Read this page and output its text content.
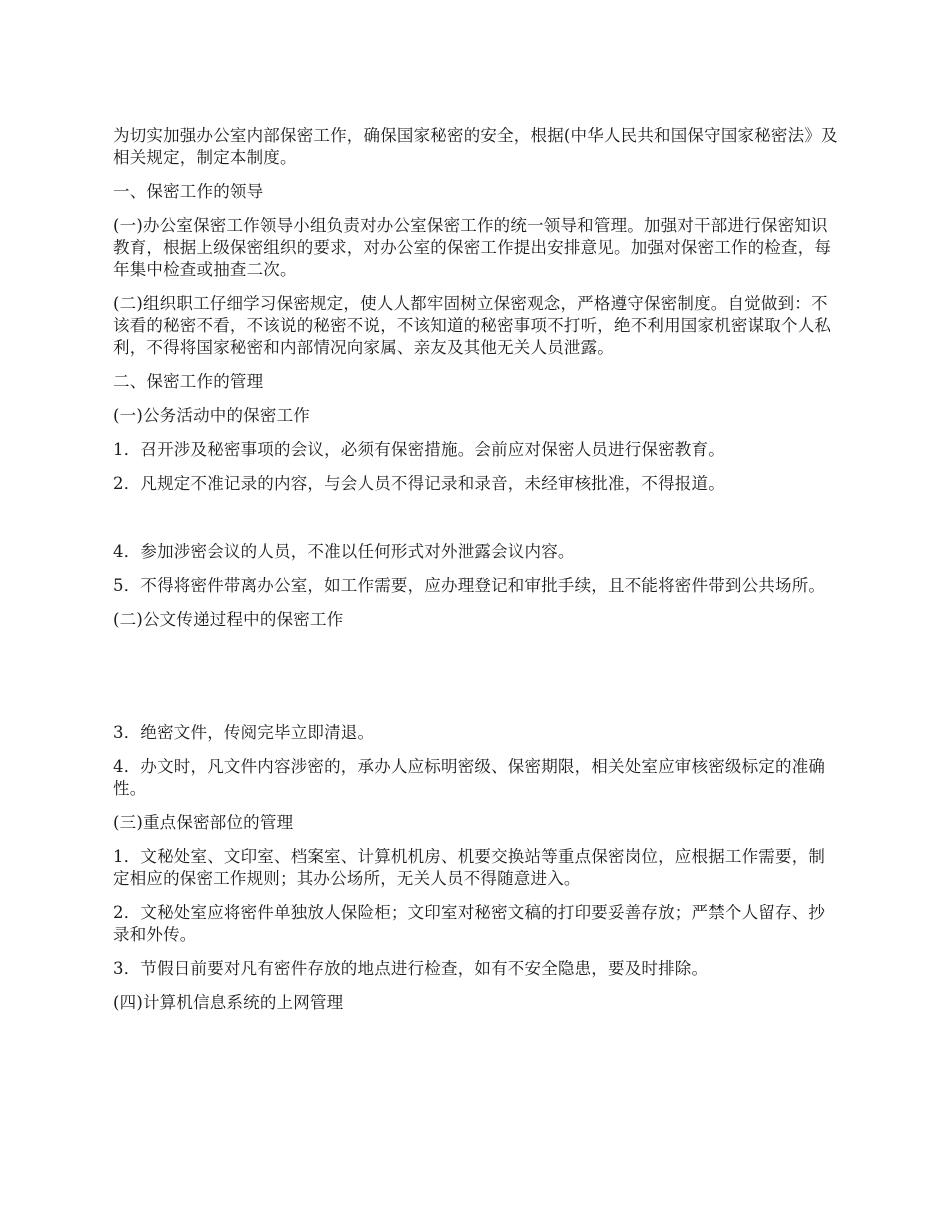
为切实加强办公室内部保密工作，确保国家秘密的安全，根据(中华人民共和国保守国家秘密法》及相关规定，制定本制度。

一、保密工作的领导

(一)办公室保密工作领导小组负责对办公室保密工作的统一领导和管理。加强对干部进行保密知识教育，根据上级保密组织的要求，对办公室的保密工作提出安排意见。加强对保密工作的检查，每年集中检查或抽查二次。

(二)组织职工仔细学习保密规定，使人人都牢固树立保密观念，严格遵守保密制度。自觉做到：不该看的秘密不看，不该说的秘密不说，不该知道的秘密事项不打听，绝不利用国家机密谋取个人私利，不得将国家秘密和内部情况向家属、亲友及其他无关人员泄露。

二、保密工作的管理

(一)公务活动中的保密工作

1．召开涉及秘密事项的会议，必须有保密措施。会前应对保密人员进行保密教育。

2．凡规定不准记录的内容，与会人员不得记录和录音，未经审核批准，不得报道。

4．参加涉密会议的人员，不准以任何形式对外泄露会议内容。

5．不得将密件带离办公室，如工作需要，应办理登记和审批手续，且不能将密件带到公共场所。

(二)公文传递过程中的保密工作

3．绝密文件，传阅完毕立即清退。

4．办文时，凡文件内容涉密的，承办人应标明密级、保密期限，相关处室应审核密级标定的准确性。

(三)重点保密部位的管理

1．文秘处室、文印室、档案室、计算机机房、机要交换站等重点保密岗位，应根据工作需要，制定相应的保密工作规则；其办公场所，无关人员不得随意进入。

2．文秘处室应将密件单独放人保险柜；文印室对秘密文稿的打印要妥善存放；严禁个人留存、抄录和外传。

3．节假日前要对凡有密件存放的地点进行检查，如有不安全隐患，要及时排除。

(四)计算机信息系统的上网管理
